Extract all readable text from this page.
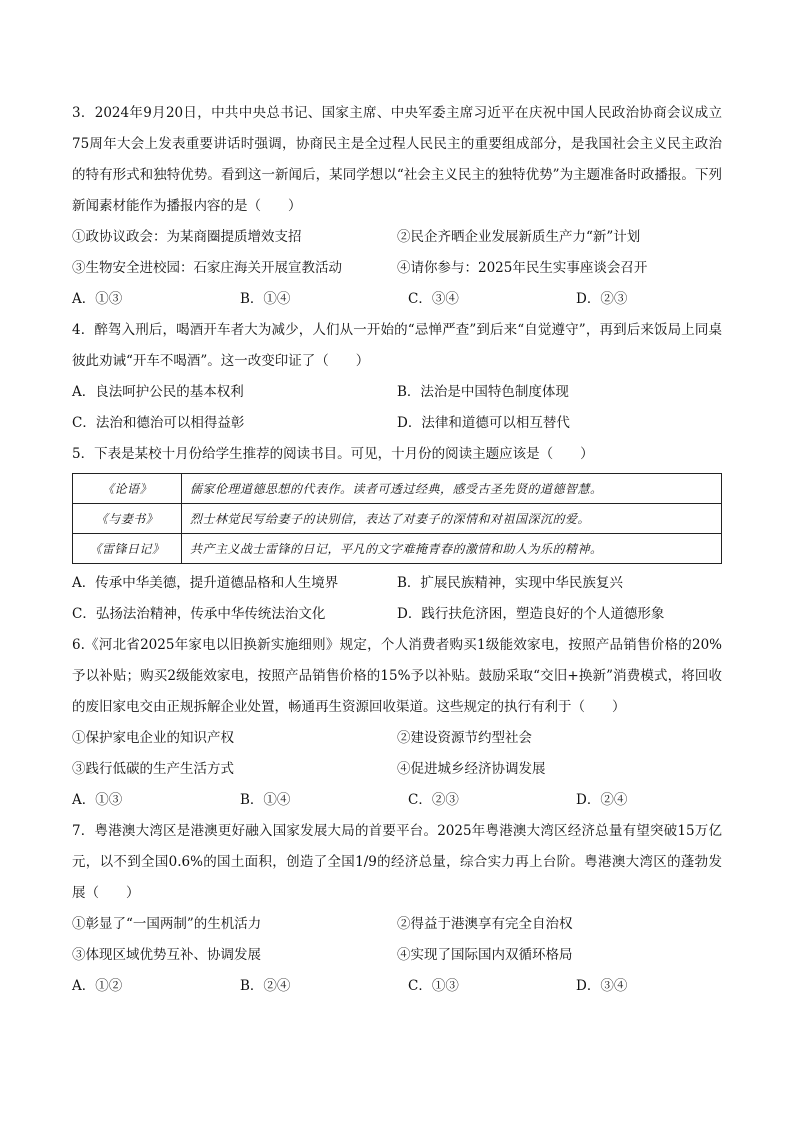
3．2024年9月20日，中共中央总书记、国家主席、中央军委主席习近平在庆祝中国人民政治协商会议成立75周年大会上发表重要讲话时强调，协商民主是全过程人民民主的重要组成部分，是我国社会主义民主政治的特有形式和独特优势。看到这一新闻后，某同学想以“社会主义民主的独特优势”为主题准备时政播报。下列新闻素材能作为播报内容的是（　　）

①政协议政会：为某商圈提质增效支招	②民企齐晒企业发展新质生产力“新”计划
③生物安全进校园：石家庄海关开展宣教活动	④请你参与：2025年民生实事座谈会召开
A．①③	B．①④	C．③④	D．②③

4．醉驾入刑后，喝酒开车者大为减少，人们从一开始的“忌惮严查”到后来“自觉遵守”，再到后来饭局上同桌彼此劝诫“开车不喝酒”。这一改变印证了（　　）

A．良法呵护公民的基本权利	B．法治是中国特色制度体现
C．法治和德治可以相得益彰	D．法律和道德可以相互替代

5．下表是某校十月份给学生推荐的阅读书目。可见，十月份的阅读主题应该是（　　）

《论语》	儒家伦理道德思想的代表作。读者可透过经典，感受古圣先贤的道德智慧。
《与妻书》	烈士林觉民写给妻子的诀别信，表达了对妻子的深情和对祖国深沉的爱。
《雷锋日记》	共产主义战士雷锋的日记，平凡的文字难掩青春的激情和助人为乐的精神。
A．传承中华美德，提升道德品格和人生境界	B．扩展民族精神，实现中华民族复兴
C．弘扬法治精神，传承中华传统法治文化	D．践行扶危济困，塑造良好的个人道德形象

6.《河北省2025年家电以旧换新实施细则》规定，个人消费者购买1级能效家电，按照产品销售价格的20%予以补贴；购买2级能效家电，按照产品销售价格的15%予以补贴。鼓励采取“交旧+换新”消费模式，将回收的废旧家电交由正规拆解企业处置，畅通再生资源回收渠道。这些规定的执行有利于（　　）

①保护家电企业的知识产权	②建设资源节约型社会
③践行低碳的生产生活方式	④促进城乡经济协调发展
A．①③	B．①④	C．②③	D．②④

7．粤港澳大湾区是港澳更好融入国家发展大局的首要平台。2025年粤港澳大湾区经济总量有望突破15万亿元，以不到全国0.6%的国土面积，创造了全国1/9的经济总量，综合实力再上台阶。粤港澳大湾区的蓬勃发展（　　）

①彰显了“一国两制”的生机活力	②得益于港澳享有完全自治权
③体现区域优势互补、协调发展	④实现了国际国内双循环格局
A．①②	B．②④	C．①③	D．③④
